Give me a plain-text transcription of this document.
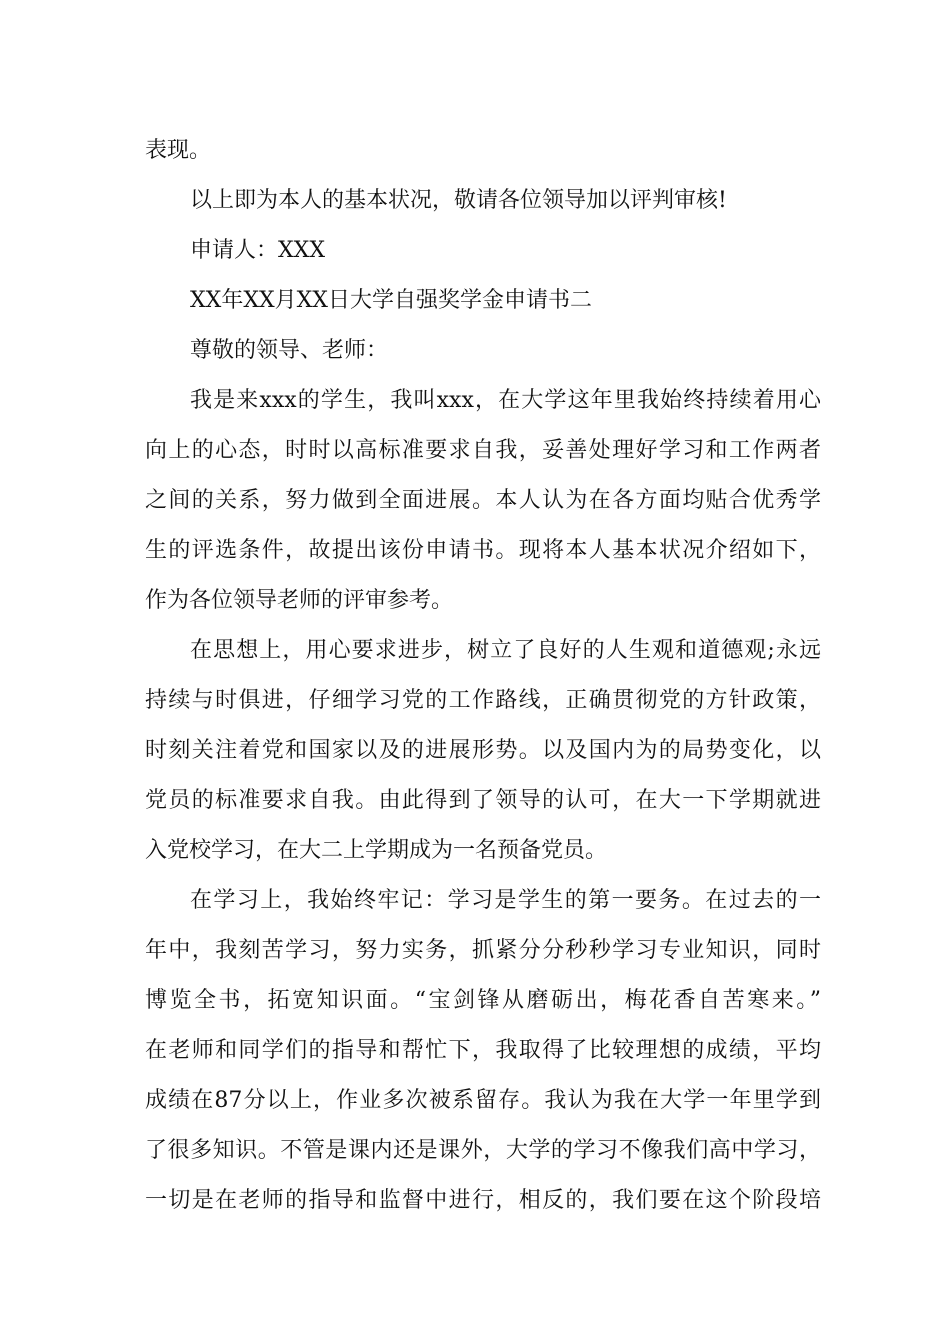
表现。
以上即为本人的基本状况，敬请各位领导加以评判审核!
申请人：XXX
XX年XX月XX日大学自强奖学金申请书二
尊敬的领导、老师：
我是来xxx的学生，我叫xxx，在大学这年里我始终持续着用心
向上的心态，时时以高标准要求自我，妥善处理好学习和工作两者
之间的关系，努力做到全面进展。本人认为在各方面均贴合优秀学
生的评选条件，故提出该份申请书。现将本人基本状况介绍如下，
作为各位领导老师的评审参考。
在思想上，用心要求进步，树立了良好的人生观和道德观;永远
持续与时俱进，仔细学习党的工作路线，正确贯彻党的方针政策，
时刻关注着党和国家以及的进展形势。以及国内为的局势变化，以
党员的标准要求自我。由此得到了领导的认可，在大一下学期就进
入党校学习，在大二上学期成为一名预备党员。
在学习上，我始终牢记：学习是学生的第一要务。在过去的一
年中，我刻苦学习，努力实务，抓紧分分秒秒学习专业知识，同时
博览全书，拓宽知识面。“宝剑锋从磨砺出，梅花香自苦寒来。”
在老师和同学们的指导和帮忙下，我取得了比较理想的成绩，平均
成绩在87分以上，作业多次被系留存。我认为我在大学一年里学到
了很多知识。不管是课内还是课外，大学的学习不像我们高中学习，
一切是在老师的指导和监督中进行，相反的，我们要在这个阶段培
